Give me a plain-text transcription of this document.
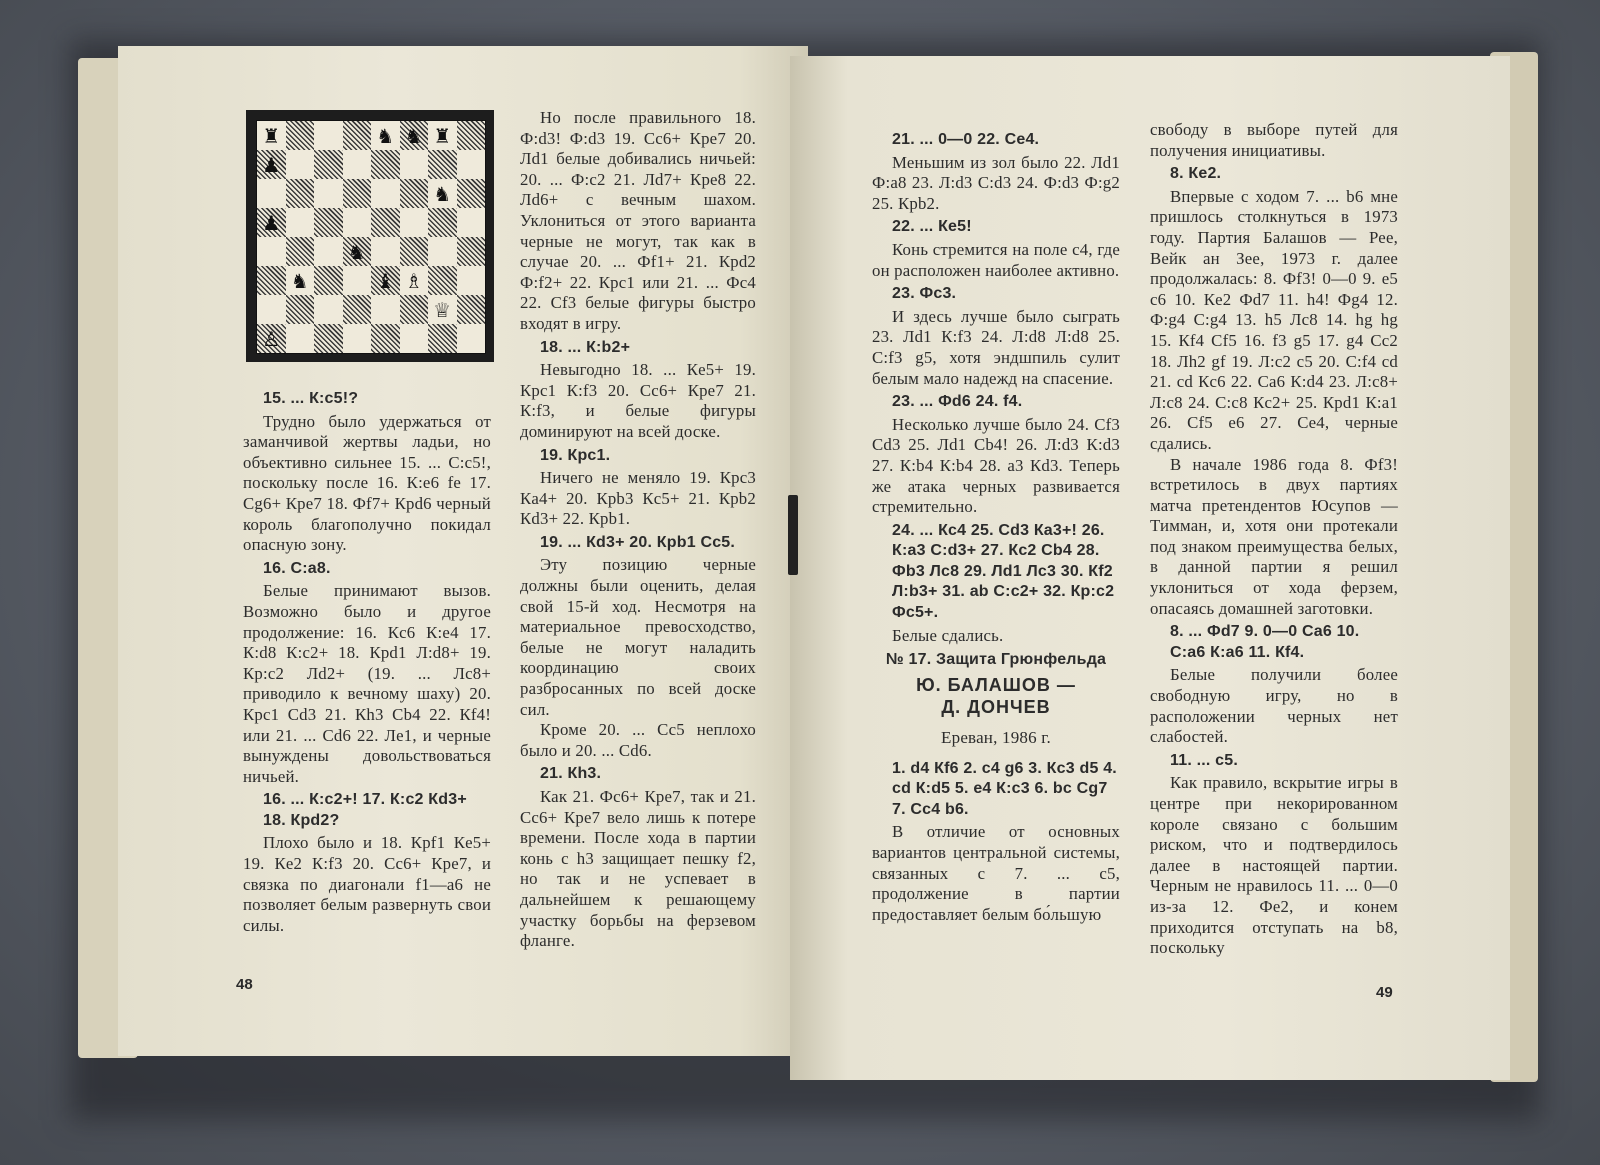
♜	♞ ♞ ♜
♟
♞
♟
♞
♞	♝ ♗
♕
♙
15. ... К:c5!?

Трудно было удержаться от заманчивой жертвы ладьи, но объективно сильнее 15. ... С:c5!, поскольку после 16. К:e6 fe 17. Сg6+ Кре7 18. Фf7+ Крd6 черный король благополучно покидал опасную зону.

16. С:a8.

Белые принимают вызов. Возможно было и другое продолжение: 16. Кc6 К:e4 17. К:d8 К:c2+ 18. Крd1 Л:d8+ 19. Кр:c2 Лd2+ (19. ... Лc8+ приводило к вечному шаху) 20. Крc1 Сd3 21. Кh3 Сb4 22. Кf4! или 21. ... Сd6 22. Лe1, и черные вынуждены довольствоваться ничьей.

16. ... К:c2+! 17. К:c2 Кd3+ 18. Крd2?

Плохо было и 18. Крf1 Кe5+ 19. Кe2 К:f3 20. Сc6+ Кре7, и связка по диагонали f1—a6 не позволяет белым развернуть свои силы.

Но после правильного 18. Ф:d3! Ф:d3 19. Сc6+ Кре7 20. Лd1 белые добивались ничьей: 20. ... Ф:c2 21. Лd7+ Кре8 22. Лd6+ с вечным шахом. Уклониться от этого варианта черные не могут, так как в случае 20. ... Фf1+ 21. Крd2 Ф:f2+ 22. Крc1 или 21. ... Фc4 22. Сf3 белые фигуры быстро входят в игру.

18. ... К:b2+

Невыгодно 18. ... Кe5+ 19. Крc1 К:f3 20. Сc6+ Кре7 21. К:f3, и белые фигуры доминируют на всей доске.

19. Крc1.

Ничего не меняло 19. Крc3 Кa4+ 20. Крb3 Кc5+ 21. Крb2 Кd3+ 22. Крb1.

19. ... Кd3+ 20. Крb1 Сc5.

Эту позицию черные должны были оценить, делая свой 15-й ход. Несмотря на материальное превосходство, белые не могут наладить координацию своих разбросанных по всей доске сил.

Кроме 20. ... Сc5 неплохо было и 20. ... Сd6.

21. Кh3.

Как 21. Фc6+ Кре7, так и 21. Сc6+ Кре7 вело лишь к потере времени. После хода в партии конь с h3 защищает пешку f2, но так и не успевает в дальнейшем к решающему участку борьбы на ферзевом фланге.

48
21. ... 0—0 22. Сe4.

Меньшим из зол было 22. Лd1 Ф:a8 23. Л:d3 С:d3 24. Ф:d3 Ф:g2 25. Крb2.

22. ... Кe5!

Конь стремится на поле c4, где он расположен наиболее активно.

23. Фc3.

И здесь лучше было сыграть 23. Лd1 К:f3 24. Л:d8 Л:d8 25. С:f3 g5, хотя эндшпиль сулит белым мало надежд на спасение.

23. ... Фd6 24. f4.

Несколько лучше было 24. Сf3 Сd3 25. Лd1 Сb4! 26. Л:d3 К:d3 27. К:b4 К:b4 28. a3 Кd3. Теперь же атака черных развивается стремительно.

24. ... Кc4 25. Сd3 Кa3+! 26. К:a3 С:d3+ 27. Кc2 Сb4 28. Фb3 Лc8 29. Лd1 Лc3 30. Кf2 Л:b3+ 31. ab С:c2+ 32. Кр:c2 Фc5+.

Белые сдались.

№ 17. Защита Грюнфельда
Ю. БАЛАШОВ —
Д. ДОНЧЕВ
Ереван, 1986 г.
1. d4 Кf6 2. c4 g6 3. Кc3 d5 4. cd К:d5 5. e4 К:c3 6. bc Сg7 7. Сc4 b6.

В отличие от основных вариантов центральной системы, связанных с 7. ... c5, продолжение в партии предоставляет белым бо́льшую

свободу в выборе путей для получения инициативы.

8. Кe2.

Впервые с ходом 7. ... b6 мне пришлось столкнуться в 1973 году. Партия Балашов — Рее, Вейк ан Зее, 1973 г. далее продолжалась: 8. Фf3! 0—0 9. e5 c6 10. Кe2 Фd7 11. h4! Фg4 12. Ф:g4 С:g4 13. h5 Лc8 14. hg hg 15. Кf4 Сf5 16. f3 g5 17. g4 Сc2 18. Лh2 gf 19. Л:c2 c5 20. С:f4 cd 21. cd Кc6 22. Сa6 К:d4 23. Л:c8+ Л:c8 24. С:c8 Кc2+ 25. Крd1 К:a1 26. Сf5 e6 27. Сe4, черные сдались.

В начале 1986 года 8. Фf3! встретилось в двух партиях матча претендентов Юсупов — Тимман, и, хотя они протекали под знаком преимущества белых, в данной партии я решил уклониться от хода ферзем, опасаясь домашней заготовки.

8. ... Фd7 9. 0—0 Сa6 10. С:a6 К:a6 11. Кf4.

Белые получили более свободную игру, но в расположении черных нет слабостей.

11. ... c5.

Как правило, вскрытие игры в центре при некорированном короле связано с большим риском, что и подтвердилось далее в настоящей партии. Черным не нравилось 11. ... 0—0 из-за 12. Фe2, и конем приходится отступать на b8, поскольку

49
